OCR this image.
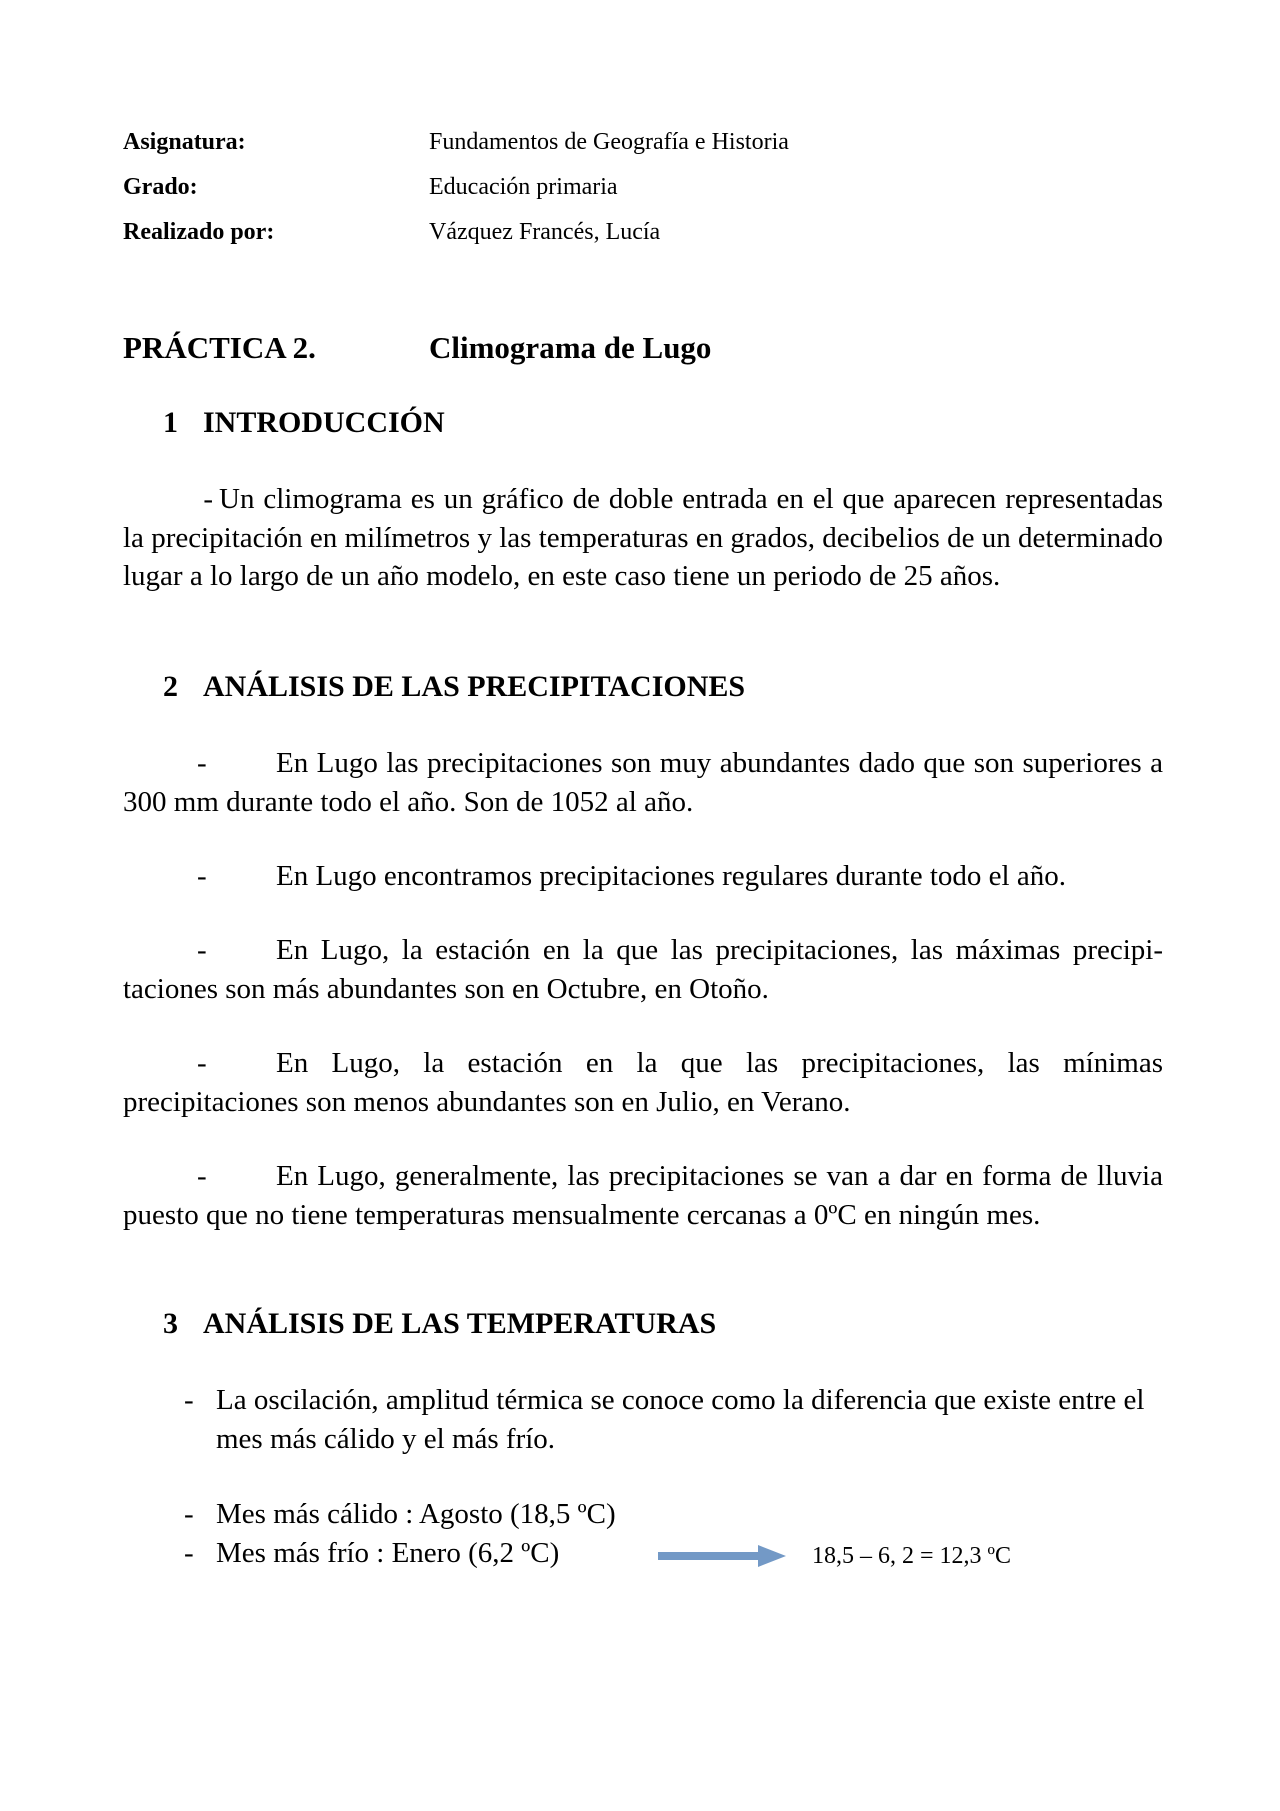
Asignatura:	Fundamentos de Geografía e Historia
Grado:	Educación primaria
Realizado por:	Vázquez Francés, Lucía
PRÁCTICA 2.	Climograma de Lugo
1 INTRODUCCIÓN
- Un climograma es un gráfico de doble entrada en el que aparecen representadas la precipitación en milímetros y las temperaturas en grados, decibelios de un determinado lugar a lo largo de un año modelo, en este caso tiene un periodo de 25 años.
2 ANÁLISIS DE LAS PRECIPITACIONES
- En Lugo las precipitaciones son muy abundantes dado que son superiores a 300 mm durante todo el año. Son de 1052 al año.
- En Lugo encontramos precipitaciones regulares durante todo el año.
- En Lugo, la estación en la que las precipitaciones, las máximas precipi- taciones son más abundantes son en Octubre, en Otoño.
- En Lugo, la estación en la que las precipitaciones, las mínimas precipitaciones son menos abundantes son en Julio, en Verano.
- En Lugo, generalmente, las precipitaciones se van a dar en forma de lluvia puesto que no tiene temperaturas mensualmente cercanas a 0ºC en ningún mes.
3 ANÁLISIS DE LAS TEMPERATURAS
- La oscilación, amplitud térmica se conoce como la diferencia que existe entre el mes más cálido y el más frío.
- Mes más cálido : Agosto (18,5 ºC)
- Mes más frío : Enero (6,2 ºC)	18,5 – 6, 2 = 12,3 ºC
